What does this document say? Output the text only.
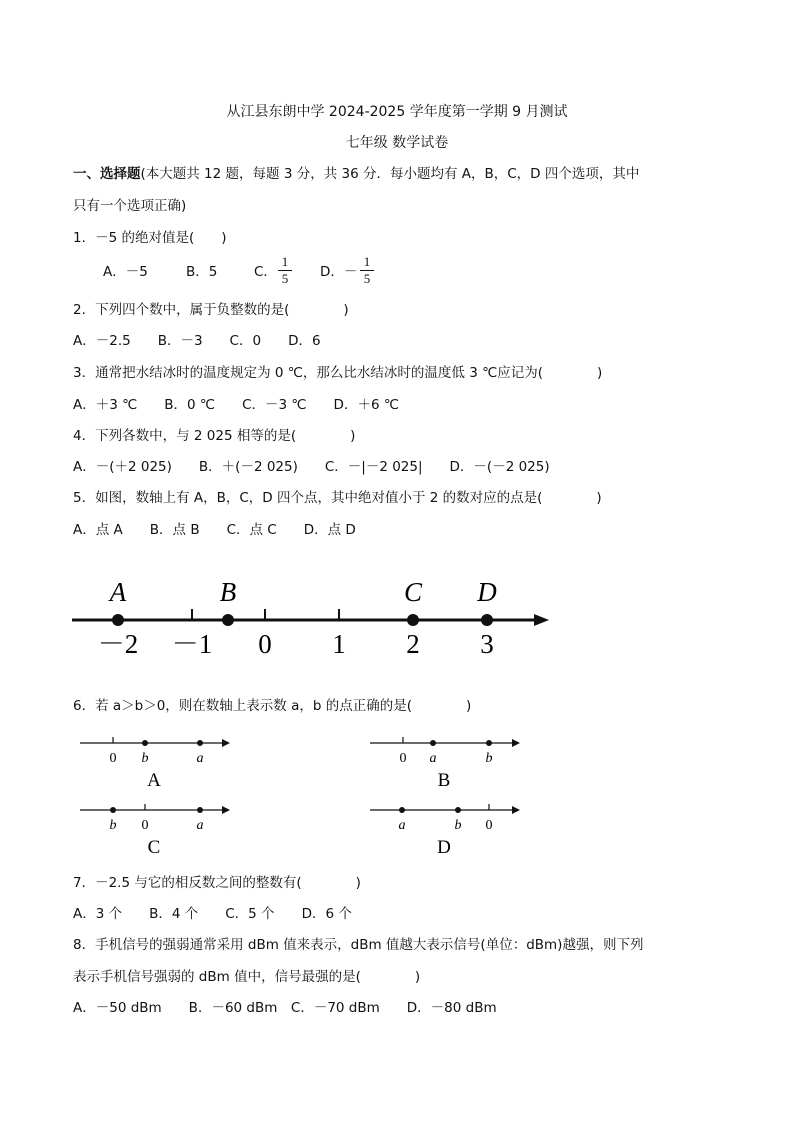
从江县东朗中学 2024-2025 学年度第一学期 9 月测试
七年级 数学试卷
一、选择题(本大题共 12 题，每题 3 分，共 36 分．每小题均有 A，B，C，D 四个选项，其中
只有一个选项正确)
1．－5 的绝对值是(　　)
A．－5	B．5	C．
1
5 D．－
1
5
2．下列四个数中，属于负整数的是(　　　　)
A．－2.5　　B．－3　　C．0　　D．6
3．通常把水结冰时的温度规定为 0 ℃，那么比水结冰时的温度低 3 ℃应记为(　　　　)
A．＋3 ℃　　B．0 ℃　　C．－3 ℃　　D．＋6 ℃
4．下列各数中，与 2 025 相等的是(　　　　)
A．－(＋2 025)　　B．＋(－2 025)　　C．－|－2 025|　　D．－(－2 025)
5．如图，数轴上有 A，B，C，D 四个点，其中绝对值小于 2 的数对应的点是(　　　　)
A．点 A　　B．点 B　　C．点 C　　D．点 D
－2 －1 0 1 2 3
A	B	C D
6．若 a＞b＞0，则在数轴上表示数 a，b 的点正确的是(　　　　)
0 b	a
A
0 a	b
B
b 0	a
C
a	b 0
D
7．－2.5 与它的相反数之间的整数有(　　　　)
A．3 个　　B．4 个　　C．5 个　　D．6 个
8．手机信号的强弱通常采用 dBm 值来表示，dBm 值越大表示信号(单位：dBm)越强，则下列
表示手机信号强弱的 dBm 值中，信号最强的是(　　　　)
A．－50 dBm　　B．－60 dBm　C．－70 dBm　　D．－80 dBm
